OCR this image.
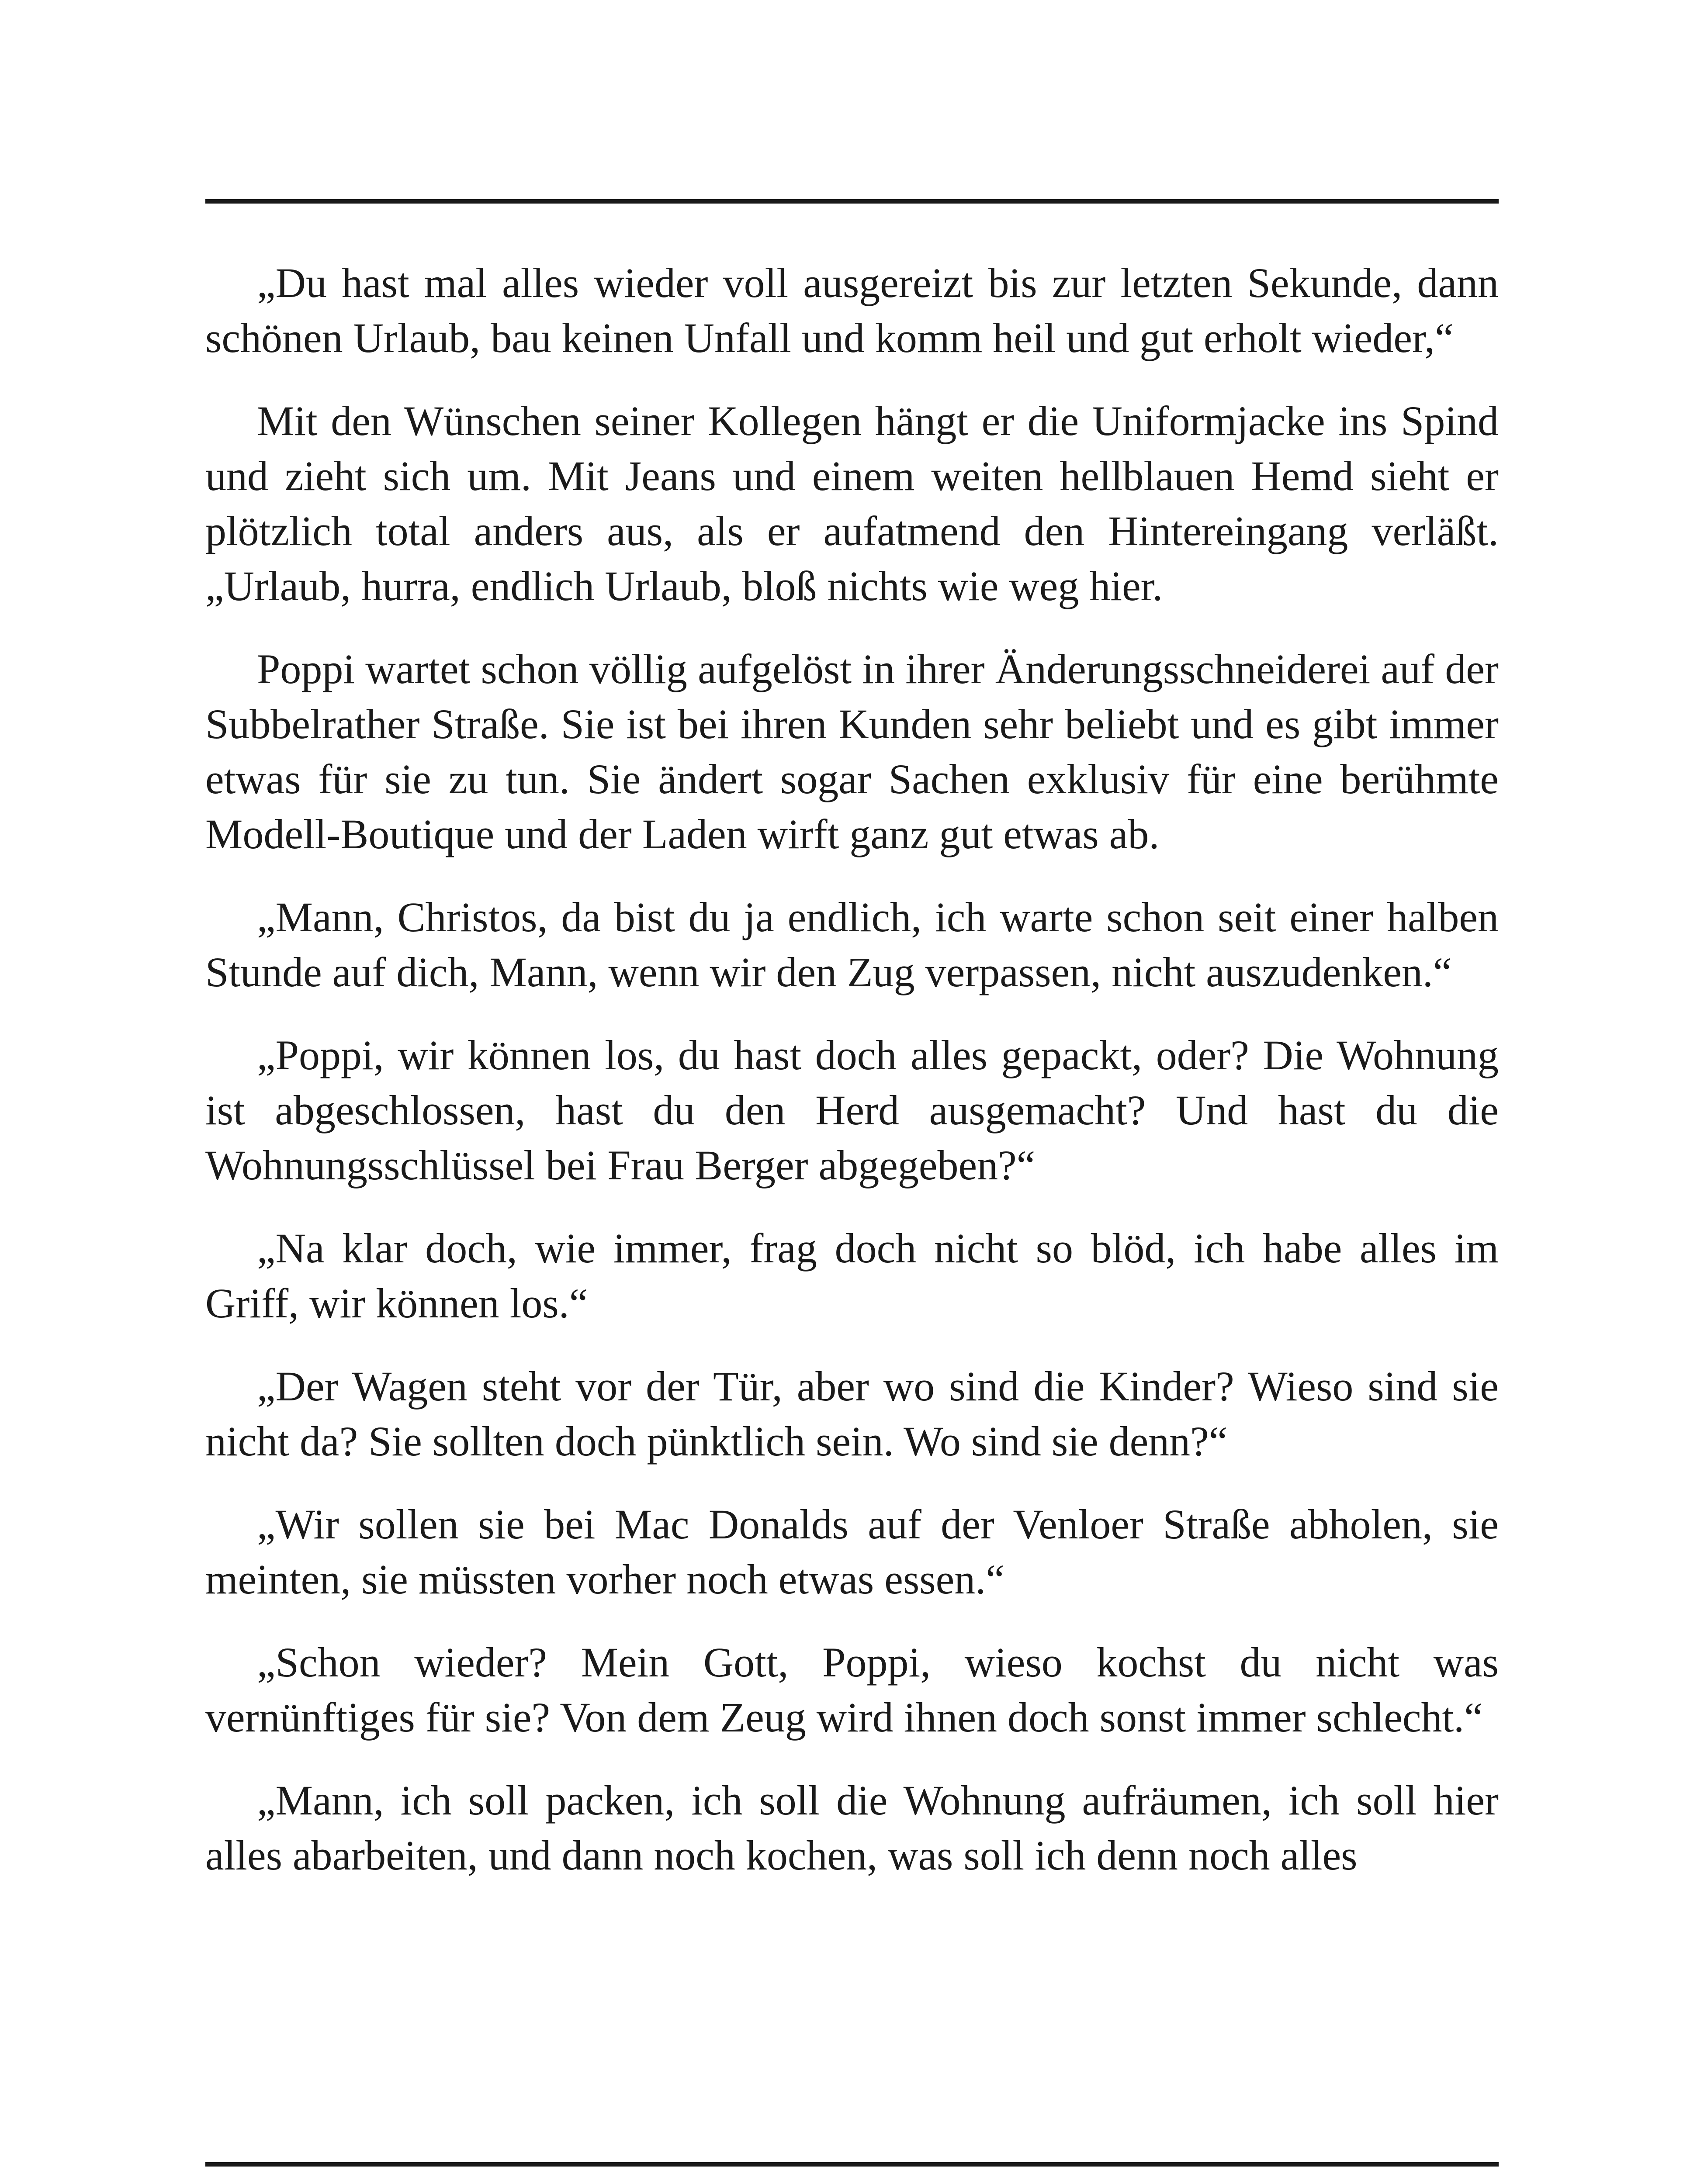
„Du hast mal alles wieder voll ausgereizt bis zur letzten Sekunde, dann schönen Urlaub, bau keinen Unfall und komm heil und gut erholt wieder,“

Mit den Wünschen seiner Kollegen hängt er die Uniformjacke ins Spind und zieht sich um. Mit Jeans und einem weiten hellblauen Hemd sieht er plötzlich total anders aus, als er aufatmend den Hintereingang verläßt. „Urlaub, hurra, endlich Urlaub, bloß nichts wie weg hier.

Poppi wartet schon völlig aufgelöst in ihrer Änderungsschneiderei auf der Subbelrather Straße. Sie ist bei ihren Kunden sehr beliebt und es gibt immer etwas für sie zu tun. Sie ändert sogar Sachen exklusiv für eine berühmte Modell-Boutique und der Laden wirft ganz gut etwas ab.

„Mann, Christos, da bist du ja endlich, ich warte schon seit einer halben Stunde auf dich, Mann, wenn wir den Zug verpassen, nicht auszudenken.“

„Poppi, wir können los, du hast doch alles gepackt, oder? Die Wohnung ist abgeschlossen, hast du den Herd ausgemacht? Und hast du die Wohnungsschlüssel bei Frau Berger abgegeben?“

„Na klar doch, wie immer, frag doch nicht so blöd, ich habe alles im Griff, wir können los.“

„Der Wagen steht vor der Tür, aber wo sind die Kinder? Wieso sind sie nicht da? Sie sollten doch pünktlich sein. Wo sind sie denn?“

„Wir sollen sie bei Mac Donalds auf der Venloer Straße abholen, sie meinten, sie müssten vorher noch etwas essen.“

„Schon wieder? Mein Gott, Poppi, wieso kochst du nicht was vernünftiges für sie? Von dem Zeug wird ihnen doch sonst immer schlecht.“

„Mann, ich soll packen, ich soll die Wohnung aufräumen, ich soll hier alles abarbeiten, und dann noch kochen, was soll ich denn noch alles
